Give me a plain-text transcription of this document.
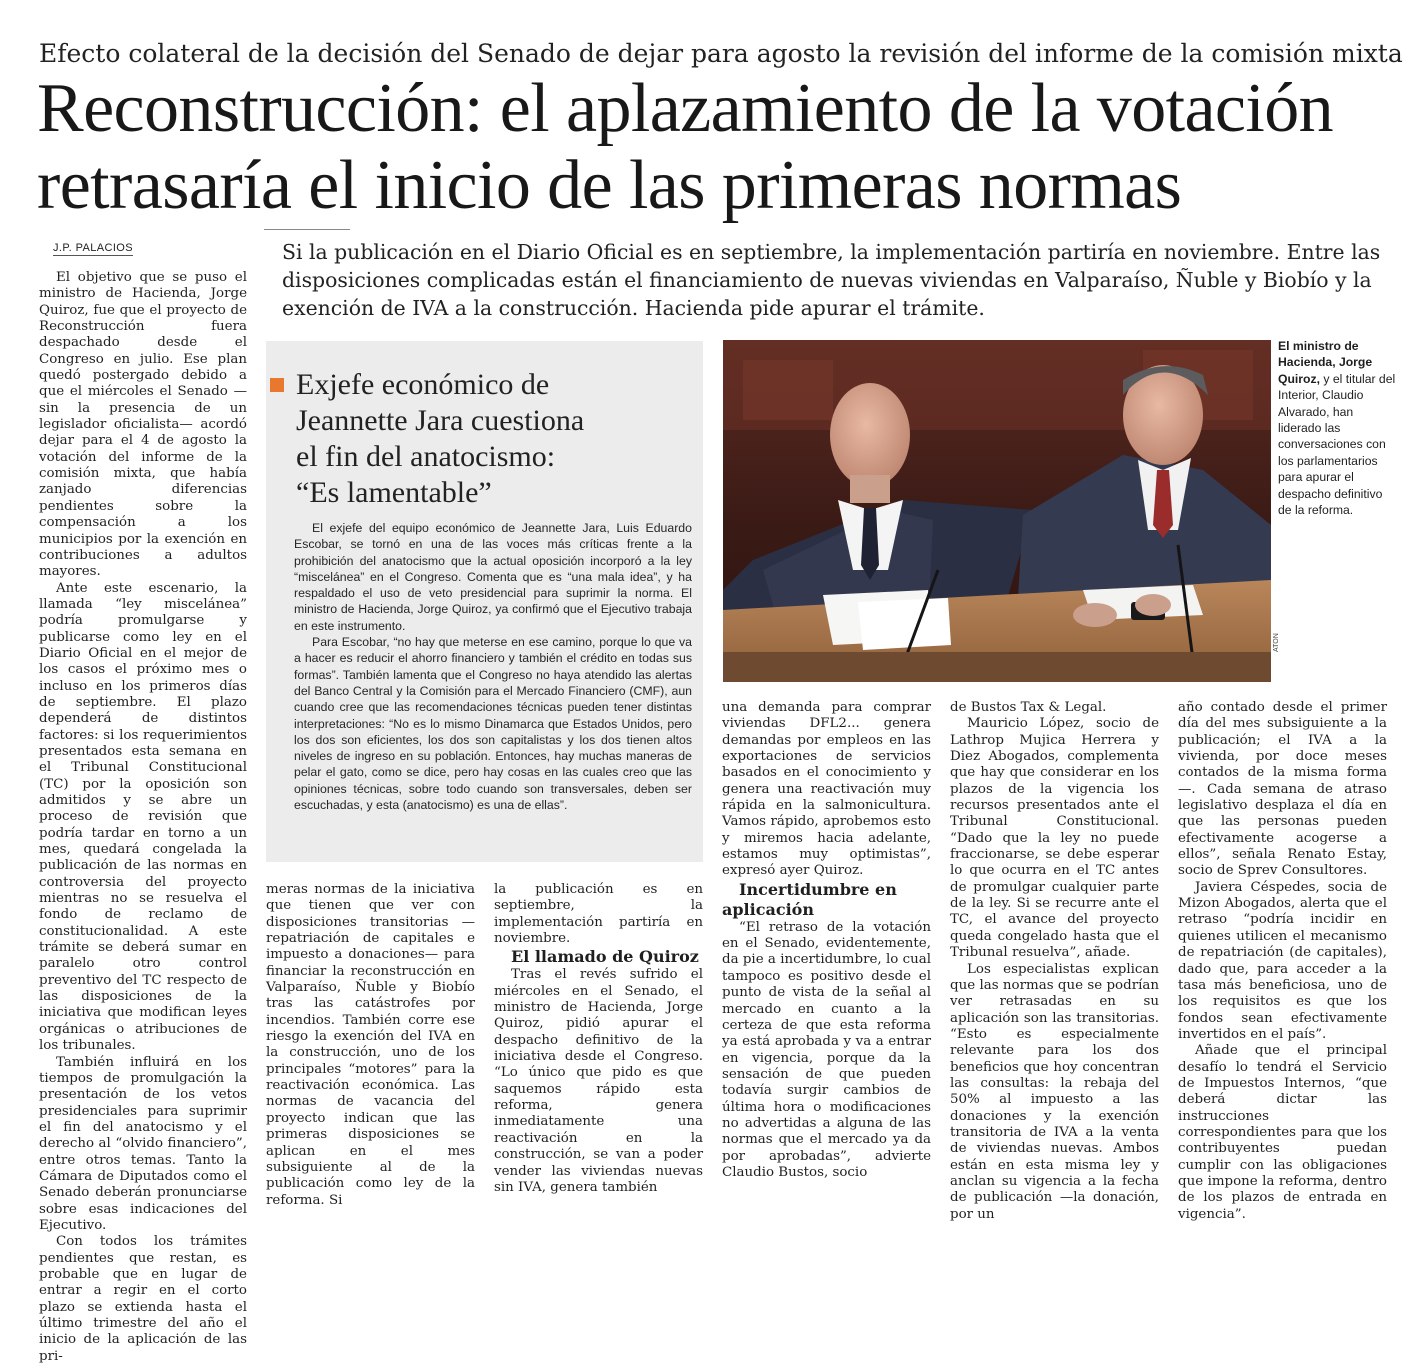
Efecto colateral de la decisión del Senado de dejar para agosto la revisión del informe de la comisión mixta
Reconstrucción: el aplazamiento de la votación
retrasaría el inicio de las primeras normas
J.P. PALACIOS	Si la publicación en el Diario Oficial es en septiembre, la implementación partiría en noviembre. Entre las disposiciones complicadas están el financiamiento de nuevas viviendas en Valparaíso, Ñuble y Biobío y la exención de IVA a la construcción. Hacienda pide apurar el trámite.

El objetivo que se puso el ministro de Hacienda, Jorge Quiroz, fue que el proyecto de Reconstrucción fuera despachado desde el Congreso en julio. Ese plan quedó postergado debido a que el miércoles el Senado —sin la presencia de un legislador oficialista— acordó dejar para el 4 de agosto la votación del informe de la comisión mixta, que había zanjado diferencias pendientes sobre la compensación a los municipios por la exención en contribuciones a adultos mayores.

Ante este escenario, la llamada “ley miscelánea” podría promulgarse y publicarse como ley en el Diario Oficial en el mejor de los casos el próximo mes o incluso en los primeros días de septiembre. El plazo dependerá de distintos factores: si los requerimientos presentados esta semana en el Tribunal Constitucional (TC) por la oposición son admitidos y se abre un proceso de revisión que podría tardar en torno a un mes, quedará congelada la publicación de las normas en controversia del proyecto mientras no se resuelva el fondo de reclamo de constitucionalidad. A este trámite se deberá sumar en paralelo otro control preventivo del TC respecto de las disposiciones de la iniciativa que modifican leyes orgánicas o atribuciones de los tribunales.

También influirá en los tiempos de promulgación la presentación de los vetos presidenciales para suprimir el fin del anatocismo y el derecho al “olvido financiero”, entre otros temas. Tanto la Cámara de Diputados como el Senado deberán pronunciarse sobre esas indicaciones del Ejecutivo.

Con todos los trámites pendientes que restan, es probable que en lugar de entrar a regir en el corto plazo se extienda hasta el último trimestre del año el inicio de la aplicación de las pri-

Exjefe económico de
Jeannette Jara cuestiona
el fin del anatocismo:
“Es lamentable”

El exjefe del equipo económico de Jeannette Jara, Luis Eduardo Escobar, se tornó en una de las voces más críticas frente a la prohibición del anatocismo que la actual oposición incorporó a la ley “miscelánea” en el Congreso. Comenta que es “una mala idea”, y ha respaldado el uso de veto presidencial para suprimir la norma. El ministro de Hacienda, Jorge Quiroz, ya confirmó que el Ejecutivo trabaja en este instrumento.

Para Escobar, “no hay que meterse en ese camino, porque lo que va a hacer es reducir el ahorro financiero y también el crédito en todas sus formas”. También lamenta que el Congreso no haya atendido las alertas del Banco Central y la Comisión para el Mercado Financiero (CMF), aun cuando cree que las recomendaciones técnicas pueden tener distintas interpretaciones: “No es lo mismo Dinamarca que Estados Unidos, pero los dos son eficientes, los dos son capitalistas y los dos tienen altos niveles de ingreso en su población. Entonces, hay muchas maneras de pelar el gato, como se dice, pero hay cosas en las cuales creo que las opiniones técnicas, sobre todo cuando son transversales, deben ser escuchadas, y esta (anatocismo) es una de ellas”.

ATON
El ministro de Hacienda, Jorge Quiroz, y el titular del Interior, Claudio Alvarado, han liderado las conversaciones con los parlamentarios para apurar el despacho definitivo de la reforma.

meras normas de la iniciativa que tienen que ver con disposiciones transitorias —repatriación de capitales e impuesto a donaciones— para financiar la reconstrucción en Valparaíso, Ñuble y Biobío tras las catástrofes por incendios. También corre ese riesgo la exención del IVA en la construcción, uno de los principales “motores” para la reactivación económica. Las normas de vacancia del proyecto indican que las primeras disposiciones se aplican en el mes subsiguiente al de la publicación como ley de la reforma. Si

la publicación es en septiembre, la implementación partiría en noviembre.

El llamado de Quiroz

Tras el revés sufrido el miércoles en el Senado, el ministro de Hacienda, Jorge Quiroz, pidió apurar el despacho definitivo de la iniciativa desde el Congreso. “Lo único que pido es que saquemos rápido esta reforma, genera inmediatamente una reactivación en la construcción, se van a poder vender las viviendas nuevas sin IVA, genera también

una demanda para comprar viviendas DFL2... genera demandas por empleos en las exportaciones de servicios basados en el conocimiento y genera una reactivación muy rápida en la salmonicultura. Vamos rápido, aprobemos esto y miremos hacia adelante, estamos muy optimistas”, expresó ayer Quiroz.

Incertidumbre en aplicación

“El retraso de la votación en el Senado, evidentemente, da pie a incertidumbre, lo cual tampoco es positivo desde el punto de vista de la señal al mercado en cuanto a la certeza de que esta reforma ya está aprobada y va a entrar en vigencia, porque da la sensación de que pueden todavía surgir cambios de última hora o modificaciones no advertidas a alguna de las normas que el mercado ya da por aprobadas”, advierte Claudio Bustos, socio

de Bustos Tax & Legal.

Mauricio López, socio de Lathrop Mujica Herrera y Diez Abogados, complementa que hay que considerar en los plazos de la vigencia los recursos presentados ante el Tribunal Constitucional. “Dado que la ley no puede fraccionarse, se debe esperar lo que ocurra en el TC antes de promulgar cualquier parte de la ley. Si se recurre ante el TC, el avance del proyecto queda congelado hasta que el Tribunal resuelva”, añade.

Los especialistas explican que las normas que se podrían ver retrasadas en su aplicación son las transitorias. “Esto es especialmente relevante para los dos beneficios que hoy concentran las consultas: la rebaja del 50% al impuesto a las donaciones y la exención transitoria de IVA a la venta de viviendas nuevas. Ambos están en esta misma ley y anclan su vigencia a la fecha de publicación —la donación, por un

año contado desde el primer día del mes subsiguiente a la publicación; el IVA a la vivienda, por doce meses contados de la misma forma—. Cada semana de atraso legislativo desplaza el día en que las personas pueden efectivamente acogerse a ellos”, señala Renato Estay, socio de Sprev Consultores.

Javiera Céspedes, socia de Mizon Abogados, alerta que el retraso “podría incidir en quienes utilicen el mecanismo de repatriación (de capitales), dado que, para acceder a la tasa más beneficiosa, uno de los requisitos es que los fondos sean efectivamente invertidos en el país”.

Añade que el principal desafío lo tendrá el Servicio de Impuestos Internos, “que deberá dictar las instrucciones correspondientes para que los contribuyentes puedan cumplir con las obligaciones que impone la reforma, dentro de los plazos de entrada en vigencia”.
